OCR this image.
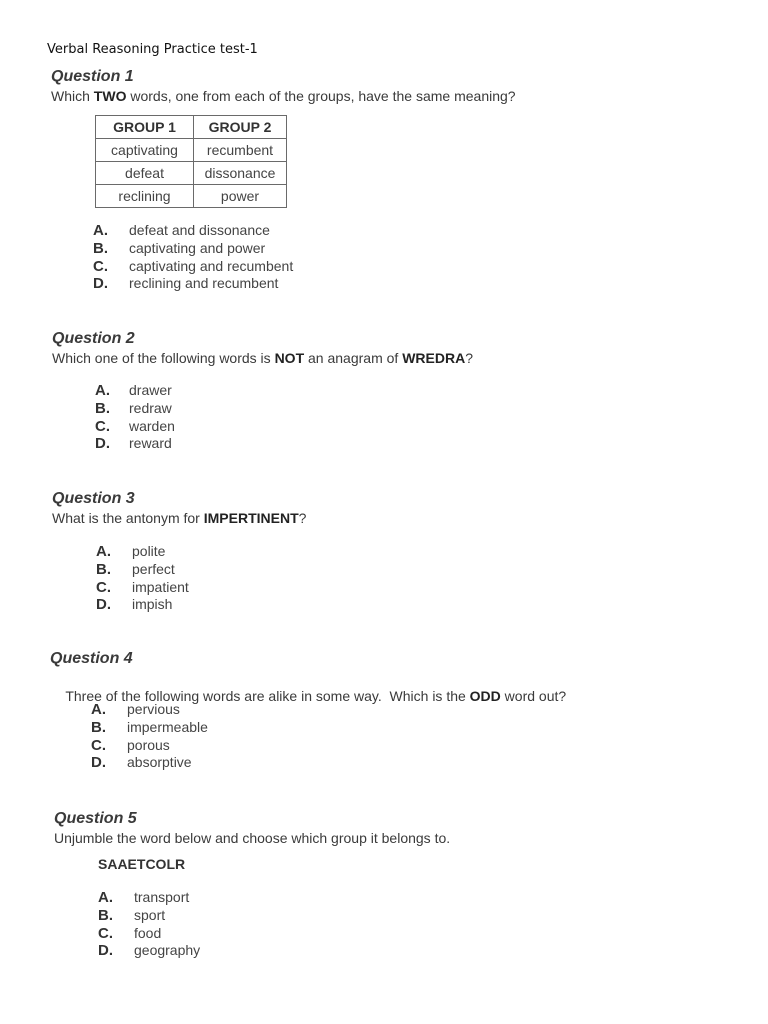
Verbal Reasoning Practice test-1
Question 1
Which TWO words, one from each of the groups, have the same meaning?
GROUP 1	GROUP 2
captivating	recumbent
defeat	dissonance
reclining	power
A. defeat and dissonance
B. captivating and power
C. captivating and recumbent
D. reclining and recumbent
Question 2
Which one of the following words is NOT an anagram of WREDRA?
A. drawer
B. redraw
C. warden
D. reward
Question 3
What is the antonym for IMPERTINENT?
A. polite
B. perfect
C. impatient
D. impish
Question 4

Three of the following words are alike in some way.  Which is the ODD word out?

A. pervious
B. impermeable
C. porous
D. absorptive
Question 5
Unjumble the word below and choose which group it belongs to.
SAAETCOLR
A. transport
B. sport
C. food
D. geography
